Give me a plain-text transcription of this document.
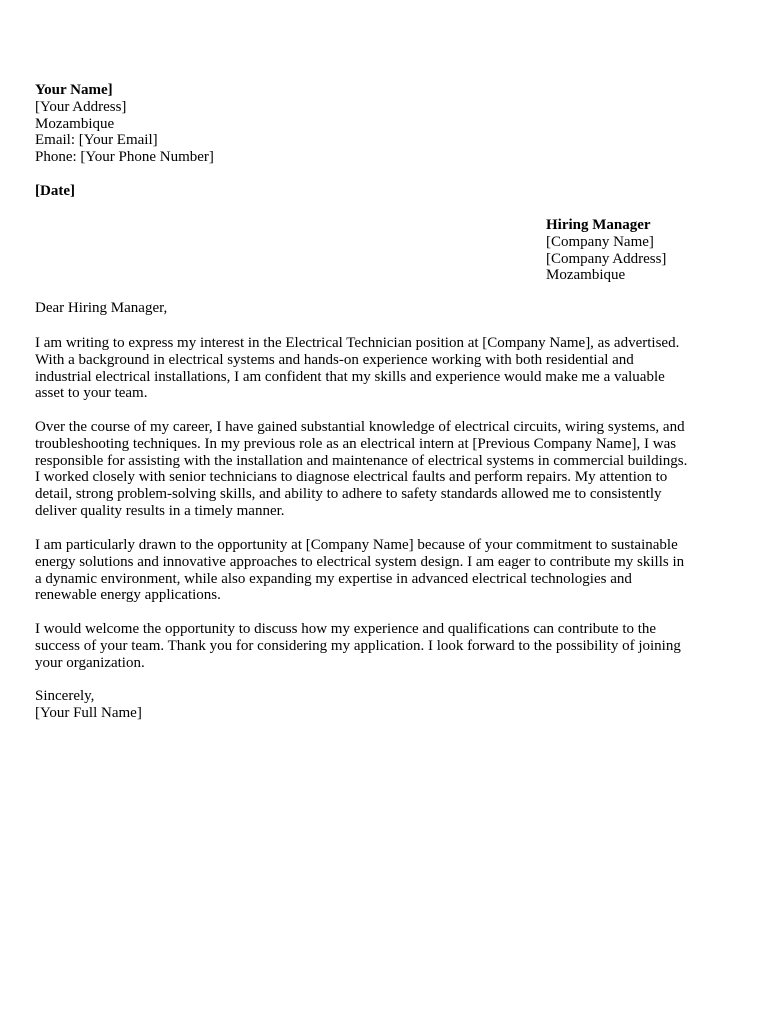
Your Name]
[Your Address]
Mozambique
Email: [Your Email]
Phone: [Your Phone Number]
[Date]
Hiring Manager
[Company Name]
[Company Address]
Mozambique
Dear Hiring Manager,
I am writing to express my interest in the Electrical Technician position at [Company Name], as advertised.
With a background in electrical systems and hands-on experience working with both residential and
industrial electrical installations, I am confident that my skills and experience would make me a valuable
asset to your team.
Over the course of my career, I have gained substantial knowledge of electrical circuits, wiring systems, and
troubleshooting techniques. In my previous role as an electrical intern at [Previous Company Name], I was
responsible for assisting with the installation and maintenance of electrical systems in commercial buildings.
I worked closely with senior technicians to diagnose electrical faults and perform repairs. My attention to
detail, strong problem-solving skills, and ability to adhere to safety standards allowed me to consistently
deliver quality results in a timely manner.
I am particularly drawn to the opportunity at [Company Name] because of your commitment to sustainable
energy solutions and innovative approaches to electrical system design. I am eager to contribute my skills in
a dynamic environment, while also expanding my expertise in advanced electrical technologies and
renewable energy applications.
I would welcome the opportunity to discuss how my experience and qualifications can contribute to the
success of your team. Thank you for considering my application. I look forward to the possibility of joining
your organization.
Sincerely,
[Your Full Name]
